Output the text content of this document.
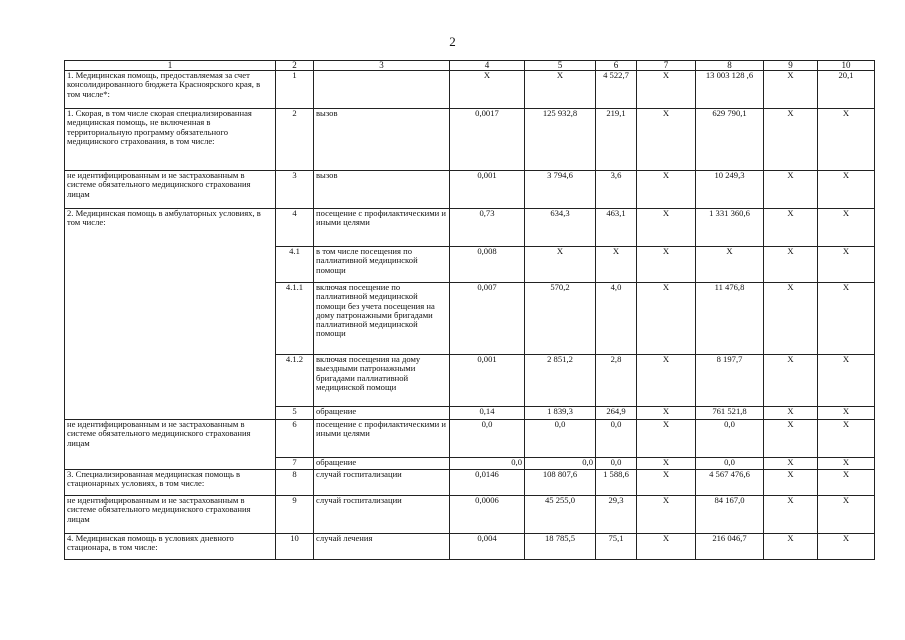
2
1	2	3	4	5	6	7	8	9	10
1. Медицинская помощь, предоставляемая за счет консолидированного бюджета Красноярского края, в том числе*:	1		Х	Х	4 522,7	Х	13 003 128 ,6	Х	20,1
1. Скорая, в том числе скорая специализированная медицинская помощь, не включенная в территориальную программу обязательного медицинского страхования, в том числе:	2	вызов	0,0017	125 932,8	219,1	Х	629 790,1	Х	Х
не идентифицированным и не застрахованным в системе обязательного медицинского страхования лицам	3	вызов	0,001	3 794,6	3,6	Х	10 249,3	Х	Х
2. Медицинская помощь в амбулаторных условиях, в том числе:	4	посещение с профилактическими и иными целями	0,73	634,3	463,1	Х	1 331 360,6	Х	Х
	4.1	в том числе посещения по паллиативной медицинской помощи	0,008	Х	Х	Х	Х	Х	Х
	4.1.1	включая посещение по паллиативной медицинской помощи без учета посещения на дому патронажными бригадами паллиативной медицинской помощи	0,007	570,2	4,0	Х	11 476,8	Х	Х
	4.1.2	включая посещения на дому выездными патронажными бригадами паллиативной медицинской помощи	0,001	2 851,2	2,8	Х	8 197,7	Х	Х
	5	обращение	0,14	1 839,3	264,9	Х	761 521,8	Х	Х
не идентифицированным и не застрахованным в системе обязательного медицинского страхования лицам	6	посещение с профилактическими и иными целями	0,0	0,0	0,0	Х	0,0	Х	Х
	7	обращение	0,0	0,0	0,0	Х	0,0	Х	Х
3. Специализированная медицинская помощь в стационарных условиях, в том числе:	8	случай госпитализации	0,0146	108 807,6	1 588,6	Х	4 567 476,6	Х	Х
не идентифицированным и не застрахованным в системе обязательного медицинского страхования лицам	9	случай госпитализации	0,0006	45 255,0	29,3	Х	84 167,0	Х	Х
4. Медицинская помощь в условиях дневного стационара, в том числе:	10	случай лечения	0,004	18 785,5	75,1	Х	216 046,7	Х	Х
